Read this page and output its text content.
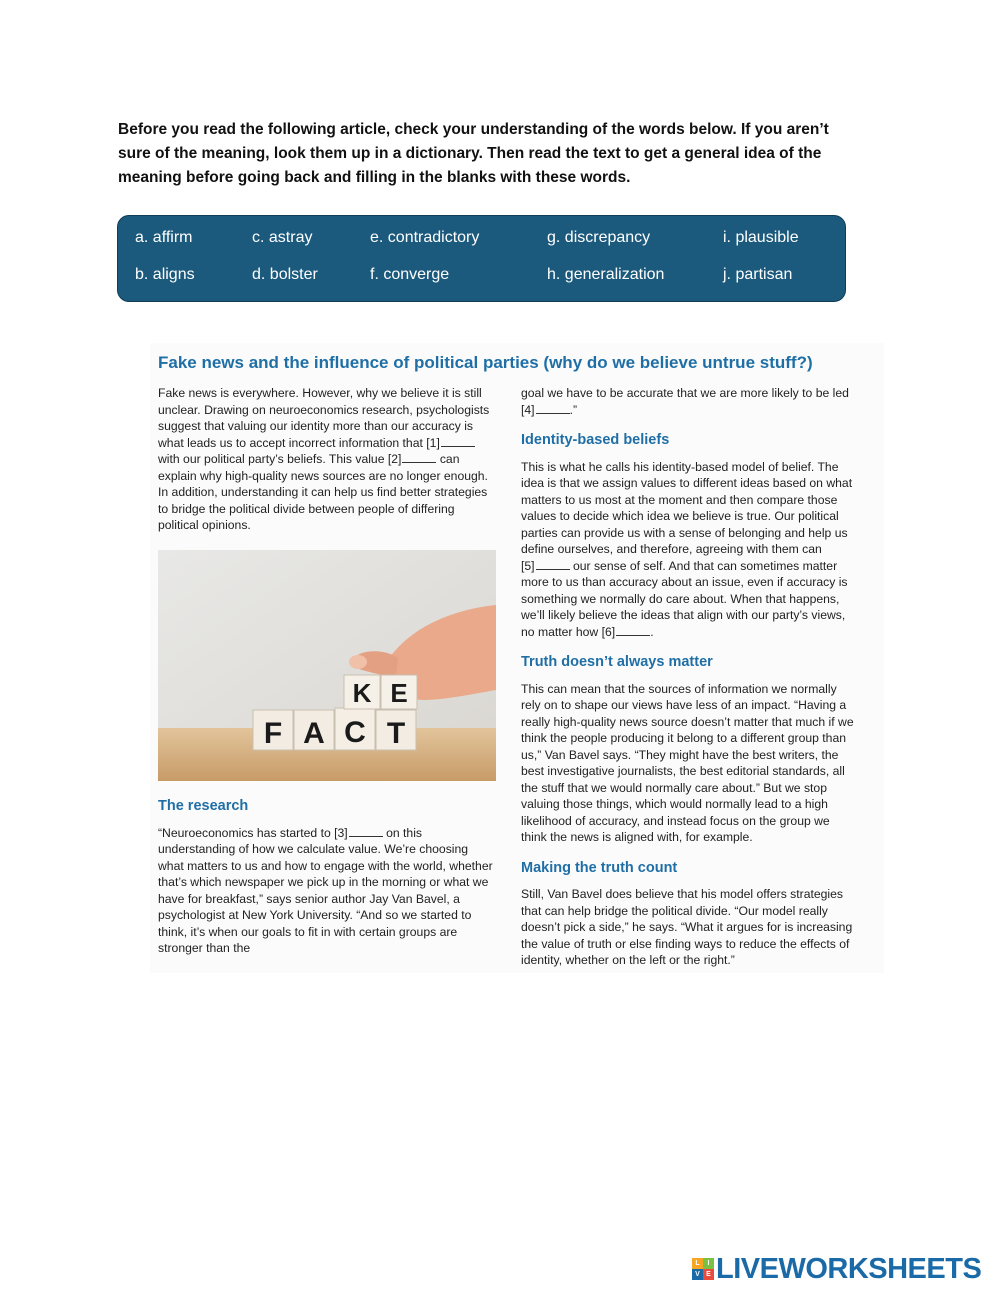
Before you read the following article, check your understanding of the words below. If you aren’t sure of the meaning, look them up in a dictionary. Then read the text to get a general idea of the meaning before going back and filling in the blanks with these words.
a. affirm	c. astray	e. contradictory	g. discrepancy	i. plausible
b. aligns	d. bolster	f. converge	h. generalization	j. partisan
Fake news and the influence of political parties (why do we believe untrue stuff?)

Fake news is everywhere. However, why we believe it is still unclear. Drawing on neuroeconomics research, psychologists suggest that valuing our identity more than our accuracy is what leads us to accept incorrect information that [1] with our political party’s beliefs. This value [2]	can explain why high-quality news sources are no longer enough. In addition, understanding it can help us find better strategies to bridge the political divide between people of differing political opinions.

F A C T
K E
The research

“Neuroeconomics has started to [3]	on this understanding of how we calculate value. We’re choosing what matters to us and how to engage with the world, whether that’s which newspaper we pick up in the morning or what we have for breakfast,” says senior author Jay Van Bavel, a psychologist at New York University. “And so we started to think, it’s when our goals to fit in with certain groups are stronger than the

goal we have to be accurate that we are more likely to be led [4]	.”

Identity-based beliefs

This is what he calls his identity-based model of belief. The idea is that we assign values to different ideas based on what matters to us most at the moment and then compare those values to decide which idea we believe is true. Our political parties can provide us with a sense of belonging and help us define ourselves, and therefore, agreeing with them can [5]	our sense of self. And that can sometimes matter more to us than accuracy about an issue, even if accuracy is something we normally do care about. When that happens, we’ll likely believe the ideas that align with our party’s views, no matter how [6]	.

Truth doesn’t always matter

This can mean that the sources of information we normally rely on to shape our views have less of an impact. “Having a really high-quality news source doesn’t matter that much if we think the people producing it belong to a different group than us,” Van Bavel says. “They might have the best writers, the best investigative journalists, the best editorial standards, all the stuff that we would normally care about.” But we stop valuing those things, which would normally lead to a high likelihood of accuracy, and instead focus on the group we think the news is aligned with, for example.

Making the truth count

Still, Van Bavel does believe that his model offers strategies that can help bridge the political divide. “Our model really doesn’t pick a side,” he says. “What it argues for is increasing the value of truth or else finding ways to reduce the effects of identity, whether on the left or the right.”

L	I
V E LIVEWORKSHEETS
